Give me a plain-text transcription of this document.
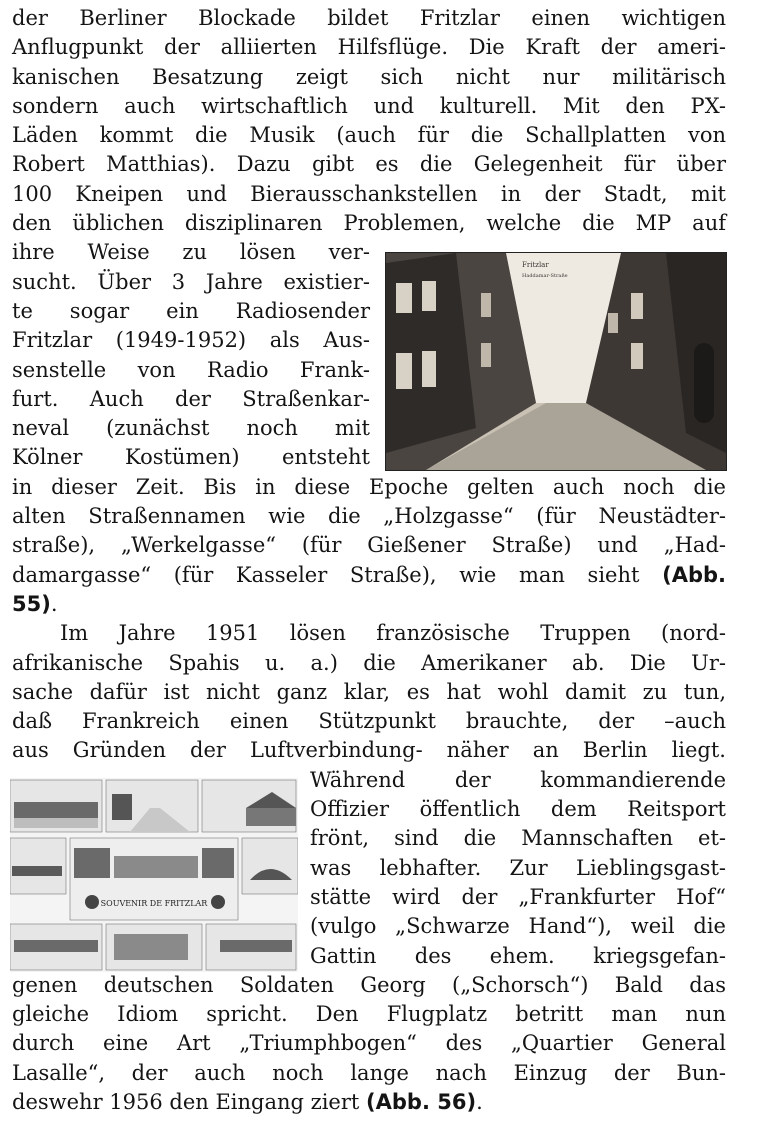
der Berliner Blockade bildet Fritzlar einen wichtigen
Anflugpunkt der alliierten Hilfsflüge. Die Kraft der ameri-
kanischen Besatzung zeigt sich nicht nur militärisch
sondern auch wirtschaftlich und kulturell. Mit den PX-
Läden kommt die Musik (auch für die Schallplatten von
Robert Matthias). Dazu gibt es die Gelegenheit für über
100 Kneipen und Bierausschankstellen in der Stadt, mit
den üblichen disziplinaren Problemen, welche die MP auf
ihre Weise zu lösen ver-
sucht. Über 3 Jahre existier-
te sogar ein Radiosender
Fritzlar (1949-1952) als Aus-
senstelle von Radio Frank-
furt. Auch der Straßenkar-
neval (zunächst noch mit
Kölner Kostümen) entsteht
in dieser Zeit. Bis in diese Epoche gelten auch noch die
alten Straßennamen wie die „Holzgasse“ (für Neustädter-
straße), „Werkelgasse“ (für Gießener Straße) und „Had-
damargasse“ (für Kasseler Straße), wie man sieht (Abb.
55).
Im Jahre 1951 lösen französische Truppen (nord-
afrikanische Spahis u. a.) die Amerikaner ab. Die Ur-
sache dafür ist nicht ganz klar, es hat wohl damit zu tun,
daß Frankreich einen Stützpunkt brauchte, der –auch
aus Gründen der Luftverbindung- näher an Berlin liegt.
Während der kommandierende
Offizier öffentlich dem Reitsport
frönt, sind die Mannschaften et-
was lebhafter. Zur Lieblingsgast-
stätte wird der „Frankfurter Hof“
(vulgo „Schwarze Hand“), weil die
Gattin des ehem. kriegsgefan-
genen deutschen Soldaten Georg („Schorsch“) Bald das
gleiche Idiom spricht. Den Flugplatz betritt man nun
durch eine Art „Triumphbogen“ des „Quartier General
Lasalle“, der auch noch lange nach Einzug der Bun-
deswehr 1956 den Eingang ziert (Abb. 56).
Fritzlar
Haddamar-Straße
SOUVENIR DE FRITZLAR
